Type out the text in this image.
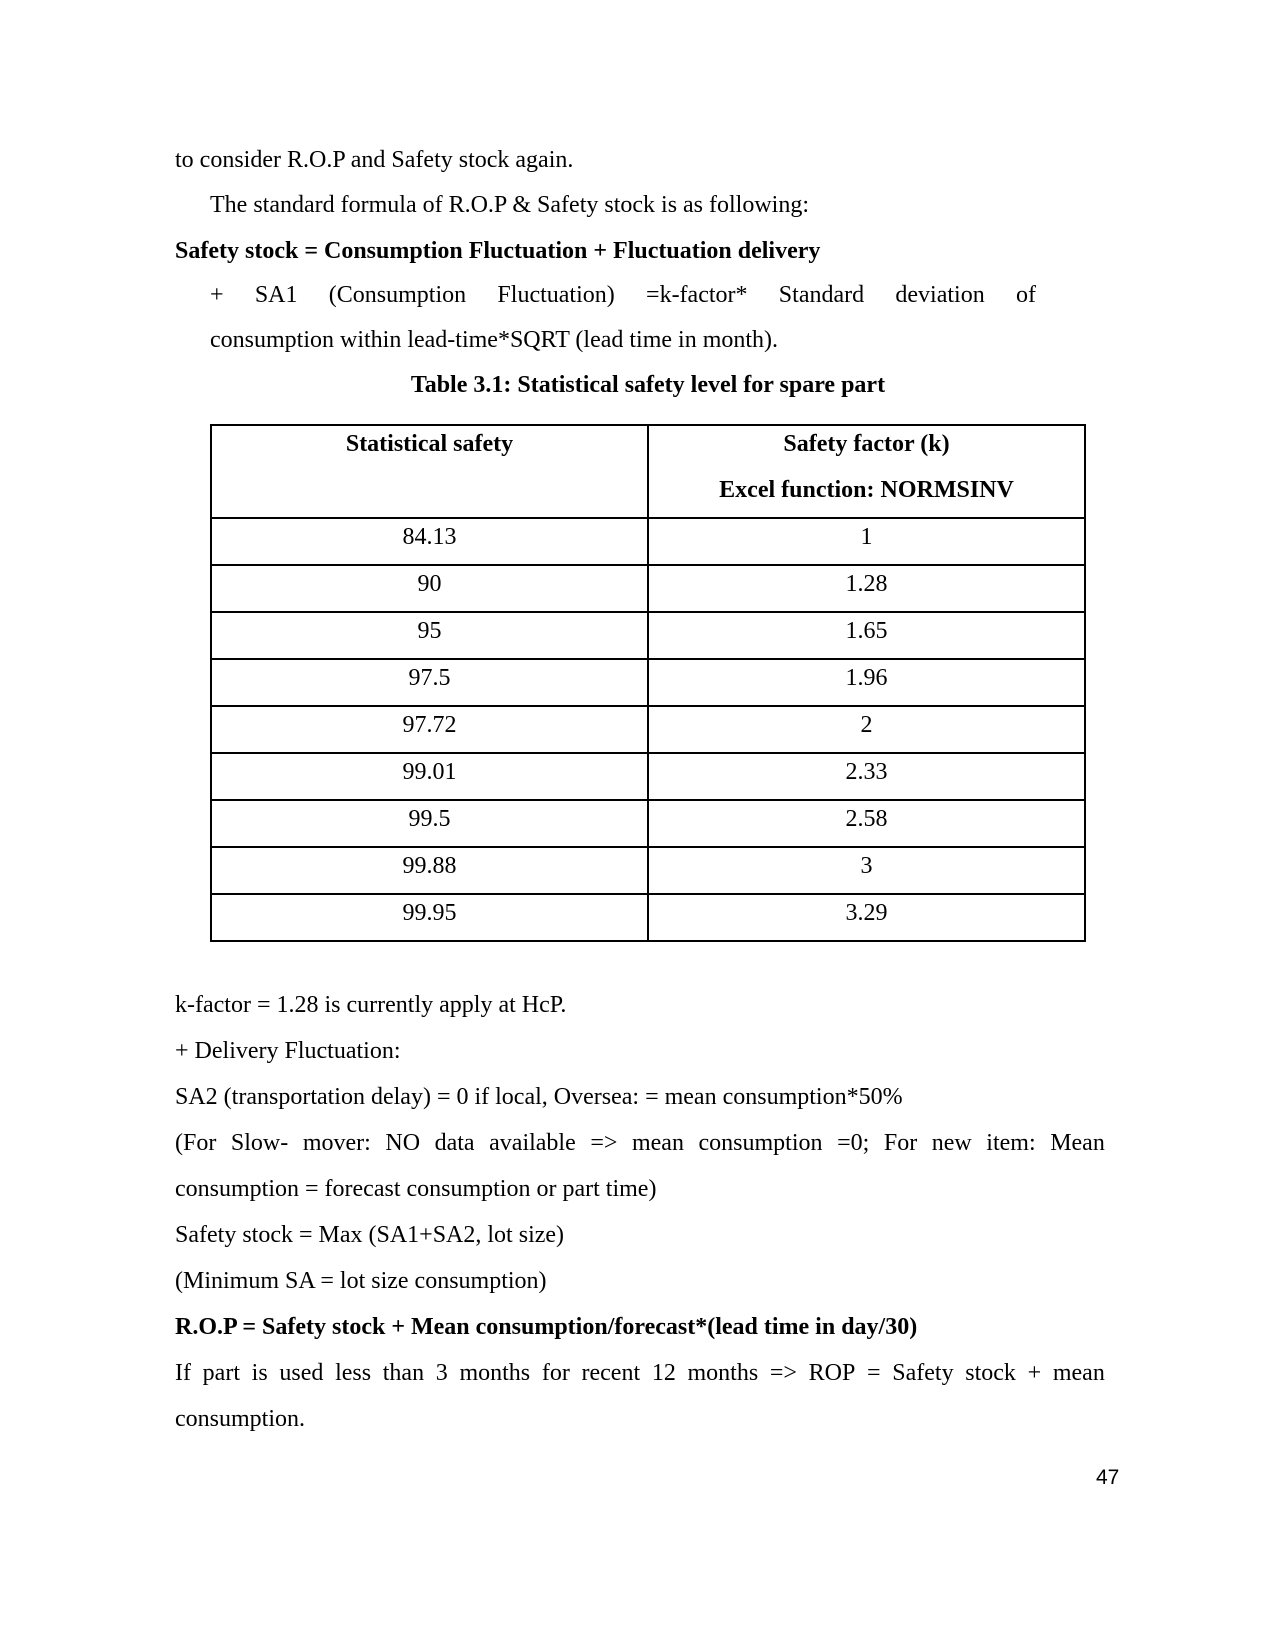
to consider R.O.P and Safety stock again.
The standard formula of R.O.P & Safety stock is as following:
Safety stock = Consumption Fluctuation + Fluctuation delivery
+ SA1 (Consumption Fluctuation) =k-factor* Standard deviation of
consumption within lead-time*SQRT (lead time in month).
Table 3.1: Statistical safety level for spare part
Statistical safety	Safety factor (k)
Excel function: NORMSINV

84.13	1
90	1.28
95	1.65
97.5	1.96
97.72	2
99.01	2.33
99.5	2.58
99.88	3
99.95	3.29
k-factor = 1.28 is currently apply at HcP.
+ Delivery Fluctuation:
SA2 (transportation delay) = 0 if local, Oversea: = mean consumption*50%
(For Slow- mover: NO data available => mean consumption =0; For new item: Mean
consumption = forecast consumption or part time)
Safety stock = Max (SA1+SA2, lot size)
(Minimum SA = lot size consumption)
R.O.P = Safety stock + Mean consumption/forecast*(lead time in day/30)
If part is used less than 3 months for recent 12 months => ROP = Safety stock + mean
consumption.
47
